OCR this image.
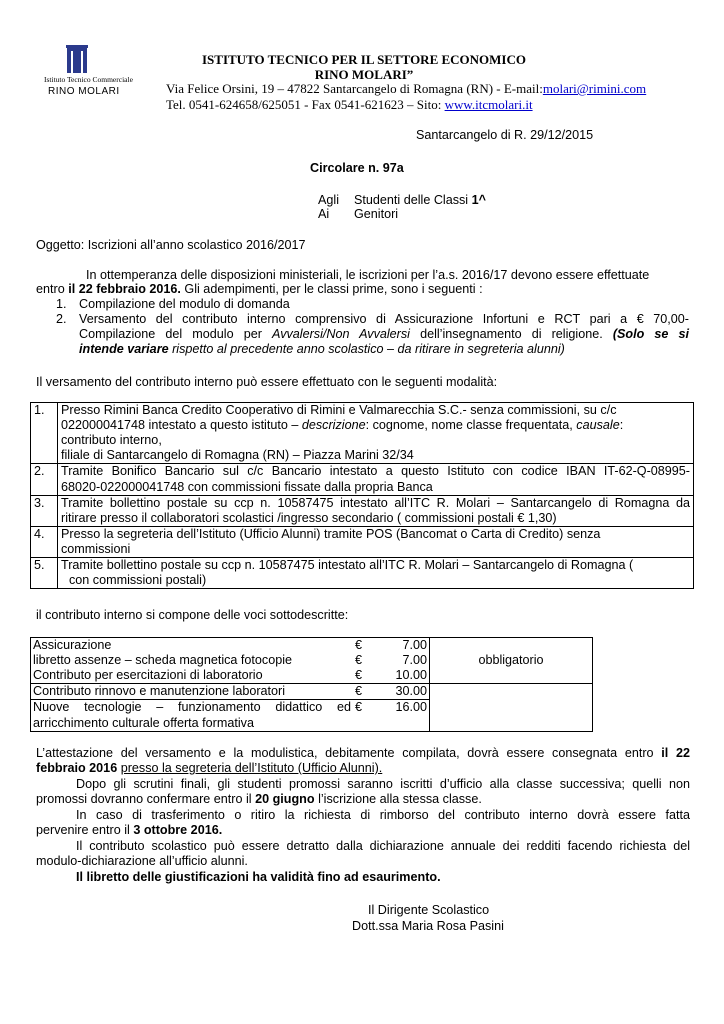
Istituto Tecnico Commerciale
RINO MOLARI
ISTITUTO TECNICO PER IL SETTORE ECONOMICO
RINO MOLARI”
Via Felice Orsini, 19 – 47822 Santarcangelo di Romagna (RN) - E-mail:molari@rimini.com
Tel. 0541-624658/625051 - Fax 0541-621623 – Sito: www.itcmolari.it
Santarcangelo di R. 29/12/2015
Circolare n. 97a
Agli Studenti delle Classi 1^
Ai Genitori
Oggetto: Iscrizioni all’anno scolastico 2016/2017
In ottemperanza delle disposizioni ministeriali, le iscrizioni per l’a.s. 2016/17 devono essere effettuate
entro il 22 febbraio 2016. Gli adempimenti, per le classi prime, sono i seguenti :
1. Compilazione del modulo di domanda
2. Versamento del contributo interno comprensivo di Assicurazione Infortuni e RCT pari a € 70,00-
Compilazione del modulo per Avvalersi/Non Avvalersi dell’insegnamento di religione. (Solo se si
intende variare rispetto al precedente anno scolastico – da ritirare in segreteria alunni)
Il versamento del contributo interno può essere effettuato con le seguenti modalità:
1.	Presso Rimini Banca Credito Cooperativo di Rimini e Valmarecchia S.C.- senza commissioni, su c/c
022000041748 intestato a questo istituto – descrizione: cognome, nome classe frequentata, causale:
contributo interno,
filiale di Santarcangelo di Romagna (RN) – Piazza Marini 32/34

2.	Tramite Bonifico Bancario sul c/c Bancario intestato a questo Istituto con codice IBAN IT-62-Q-08995-
68020-022000041748 con commissioni fissate dalla propria Banca

3.	Tramite bollettino postale su ccp n. 10587475 intestato all’ITC R. Molari – Santarcangelo di Romagna da
ritirare presso il collaboratori scolastici /ingresso secondario ( commissioni postali € 1,30)

4.	Presso la segreteria dell’Istituto (Ufficio Alunni) tramite POS (Bancomat o Carta di Credito) senza
commissioni

5.	Tramite bollettino postale su ccp n. 10587475 intestato all’ITC R. Molari – Santarcangelo di Romagna (
con commissioni postali)
il contributo interno si compone delle voci sottodescritte:
Assicurazione	€	7.00	obbligatorio
libretto assenze – scheda magnetica fotocopie	€	7.00	
Contributo per esercitazioni di laboratorio	€	10.00	
Contributo rinnovo e manutenzione laboratori	€	30.00	

Nuove tecnologie – funzionamento didattico ed
arricchimento culturale offerta formativa	€	16.00	
L’attestazione del versamento e la modulistica, debitamente compilata, dovrà essere consegnata entro il 22
febbraio 2016 presso la segreteria dell’Istituto (Ufficio Alunni).
Dopo gli scrutini finali, gli studenti promossi saranno iscritti d’ufficio alla classe successiva; quelli non
promossi dovranno confermare entro il 20 giugno l’iscrizione alla stessa classe.
In caso di trasferimento o ritiro la richiesta di rimborso del contributo interno dovrà essere fatta
pervenire entro il 3 ottobre 2016.
Il contributo scolastico può essere detratto dalla dichiarazione annuale dei redditi facendo richiesta del
modulo-dichiarazione all’ufficio alunni.
Il libretto delle giustificazioni ha validità fino ad esaurimento.
Il Dirigente Scolastico
Dott.ssa Maria Rosa Pasini
